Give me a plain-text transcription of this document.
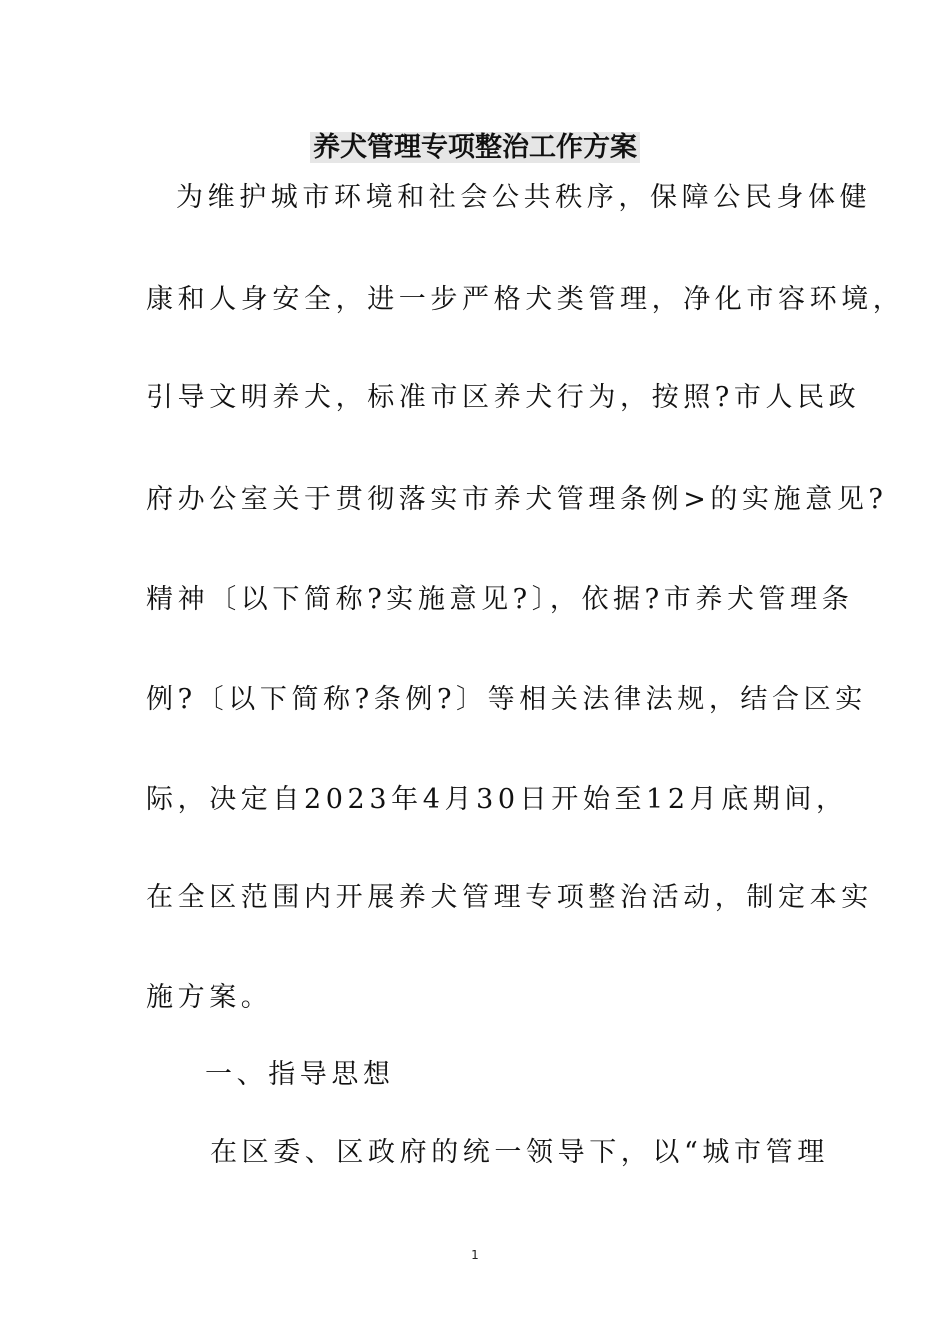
养犬管理专项整治工作方案

为维护城市环境和社会公共秩序，保障公民身体健

康和人身安全，进一步严格犬类管理，净化市容环境，

引导文明养犬，标准市区养犬行为，按照?市人民政

府办公室关于贯彻落实市养犬管理条例>的实施意见?

精神〔以下简称?实施意见?〕，依据?市养犬管理条

例?〔以下简称?条例?〕等相关法律法规，结合区实

际，决定自2023年4月30日开始至12月底期间，

在全区范围内开展养犬管理专项整治活动，制定本实

施方案。

一、指导思想

在区委、区政府的统一领导下，以“城市管理

1
